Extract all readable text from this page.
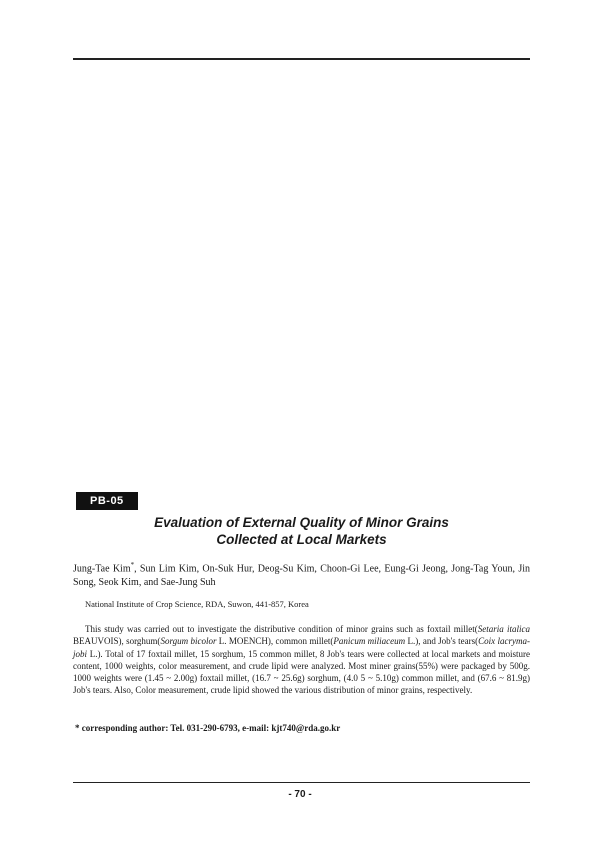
PB-05
Evaluation of External Quality of Minor Grains
Collected at Local Markets
Jung-Tae Kim*, Sun Lim Kim, On-Suk Hur, Deog-Su Kim, Choon-Gi Lee, Eung-Gi Jeong, Jong-Tag Youn, Jin Song, Seok Kim, and Sae-Jung Suh
National Institute of Crop Science, RDA, Suwon, 441-857, Korea
This study was carried out to investigate the distributive condition of minor grains such as foxtail millet(Setaria italica BEAUVOIS), sorghum(Sorgum bicolor L. MOENCH), common millet(Panicum miliaceum L.), and Job's tears(Coix lacryma-jobi L.). Total of 17 foxtail millet, 15 sorghum, 15 common millet, 8 Job's tears were collected at local markets and moisture content, 1000 weights, color measurement, and crude lipid were analyzed. Most miner grains(55%) were packaged by 500g. 1000 weights were (1.45 ~ 2.00g) foxtail millet, (16.7 ~ 25.6g) sorghum, (4.0 5 ~ 5.10g) common millet, and (67.6 ~ 81.9g) Job's tears. Also, Color measurement, crude lipid showed the various distribution of minor grains, respectively.
* corresponding author: Tel. 031-290-6793, e-mail: kjt740@rda.go.kr
- 70 -
